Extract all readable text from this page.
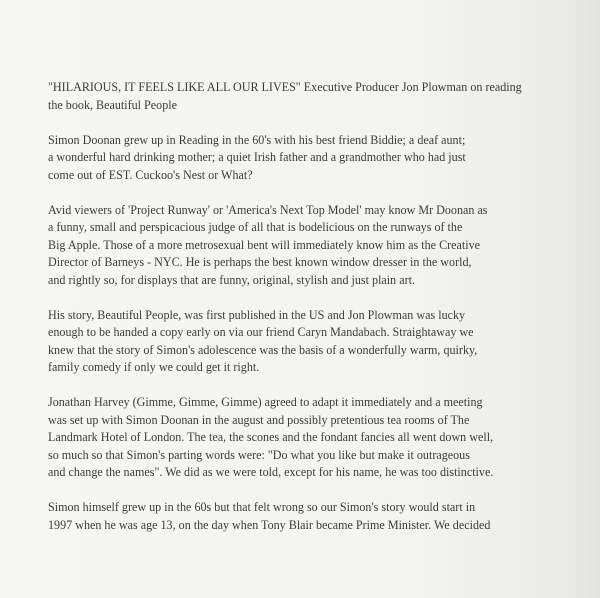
"HILARIOUS, IT FEELS LIKE ALL OUR LIVES" Executive Producer Jon Plowman on reading
the book, Beautiful People

Simon Doonan grew up in Reading in the 60's with his best friend Biddie; a deaf aunt;
a wonderful hard drinking mother; a quiet Irish father and a grandmother who had just
come out of EST. Cuckoo's Nest or What?

Avid viewers of 'Project Runway' or 'America's Next Top Model' may know Mr Doonan as
a funny, small and perspicacious judge of all that is bodelicious on the runways of the
Big Apple. Those of a more metrosexual bent will immediately know him as the Creative
Director of Barneys - NYC. He is perhaps the best known window dresser in the world,
and rightly so, for displays that are funny, original, stylish and just plain art.

His story, Beautiful People, was first published in the US and Jon Plowman was lucky
enough to be handed a copy early on via our friend Caryn Mandabach. Straightaway we
knew that the story of Simon's adolescence was the basis of a wonderfully warm, quirky,
family comedy if only we could get it right.

Jonathan Harvey (Gimme, Gimme, Gimme) agreed to adapt it immediately and a meeting
was set up with Simon Doonan in the august and possibly pretentious tea rooms of The
Landmark Hotel of London. The tea, the scones and the fondant fancies all went down well,
so much so that Simon's parting words were: "Do what you like but make it outrageous
and change the names". We did as we were told, except for his name, he was too distinctive.

Simon himself grew up in the 60s but that felt wrong so our Simon's story would start in
1997 when he was age 13, on the day when Tony Blair became Prime Minister. We decided
